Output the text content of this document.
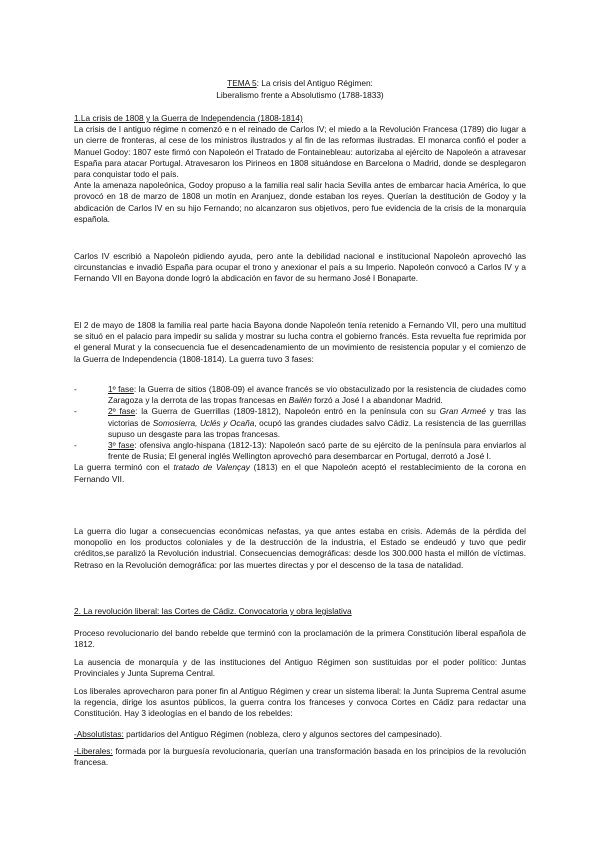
TEMA 5: La crisis del Antiguo Régimen:
Liberalismo frente a Absolutismo (1788-1833)

1.La crisis de 1808 y la Guerra de Independencia (1808-1814)

La crisis de l antiguo régime n comenzó e n el reinado de Carlos IV; el miedo a la Revolución Francesa (1789) dio lugar a un cierre de fronteras, al cese de los ministros ilustrados y al fin de las reformas ilustradas. El monarca confió el poder a Manuel Godoy: 1807 este firmó con Napoleón el Tratado de Fontainebleau: autorizaba al ejército de Napoleón a atravesar España para atacar Portugal. Atravesaron los Pirineos en 1808 situándose en Barcelona o Madrid, donde se desplegaron para conquistar todo el país.

Ante la amenaza napoleónica, Godoy propuso a la familia real salir hacia Sevilla antes de embarcar hacia América, lo que provocó en 18 de marzo de 1808 un motín en Aranjuez, donde estaban los reyes. Querían la destitución de Godoy y la abdicación de Carlos IV en su hijo Fernando; no alcanzaron sus objetivos, pero fue evidencia de la crisis de la monarquía española.

Carlos IV escribió a Napoleón pidiendo ayuda, pero ante la debilidad nacional e institucional Napoleón aprovechó las circunstancias e invadió España para ocupar el trono y anexionar el país a su Imperio. Napoleón convocó a Carlos IV y a Fernando VII en Bayona donde logró la abdicación en favor de su hermano José I Bonaparte.
El 2 de mayo de 1808 la familia real parte hacia Bayona donde Napoleón tenía retenido a Fernando VII, pero una multitud se situó en el palacio para impedir su salida y mostrar su lucha contra el gobierno francés. Esta revuelta fue reprimida por el general Murat y la consecuencia fue el desencadenamiento de un movimiento de resistencia popular y el comienzo de la Guerra de Independencia (1808-1814). La guerra tuvo 3 fases:
-	1º fase: la Guerra de sitios (1808-09) el avance francés se vio obstaculizado por la resistencia de ciudades como Zaragoza y la derrota de las tropas francesas en Bailén forzó a José I a abandonar Madrid.
-	2º fase: la Guerra de Guerrillas (1809-1812), Napoleón entró en la península con su Gran Armeé y tras las victorias de Somosierra, Uclés y Ocaña, ocupó las grandes ciudades salvo Cádiz. La resistencia de las guerrillas supuso un desgaste para las tropas francesas.
-	3º fase: ofensiva anglo-hispana (1812-13): Napoleón sacó parte de su ejército de la península para enviarlos al frente de Rusia; El general inglés Wellington aprovechó para desembarcar en Portugal, derrotó a José I.

La guerra terminó con el tratado de Valençay (1813) en el que Napoleón aceptó el restablecimiento de la corona en Fernando VII.

La guerra dio lugar a consecuencias económicas nefastas, ya que antes estaba en crisis. Además de la pérdida del monopolio en los productos coloniales y de la destrucción de la industria, el Estado se endeudó y tuvo que pedir créditos,se paralizó la Revolución industrial. Consecuencias demográficas: desde los 300.000 hasta el millón de víctimas. Retraso en la Revolución demográfica: por las muertes directas y por el descenso de la tasa de natalidad.

2. La revolución liberal: las Cortes de Cádiz. Convocatoria y obra legislativa

Proceso revolucionario del bando rebelde que terminó con la proclamación de la primera Constitución liberal española de 1812.
La ausencia de monarquía y de las instituciones del Antiguo Régimen son sustituidas por el poder político: Juntas Provinciales y Junta Suprema Central.
Los liberales aprovecharon para poner fin al Antiguo Régimen y crear un sistema liberal: la Junta Suprema Central asume la regencia, dirige los asuntos públicos, la guerra contra los franceses y convoca Cortes en Cádiz para redactar una Constitución. Hay 3 ideologías en el bando de los rebeldes:
-Absolutistas: partidarios del Antiguo Régimen (nobleza, clero y algunos sectores del campesinado).
-Liberales: formada por la burguesía revolucionaria, querían una transformación basada en los principios de la revolución francesa.
